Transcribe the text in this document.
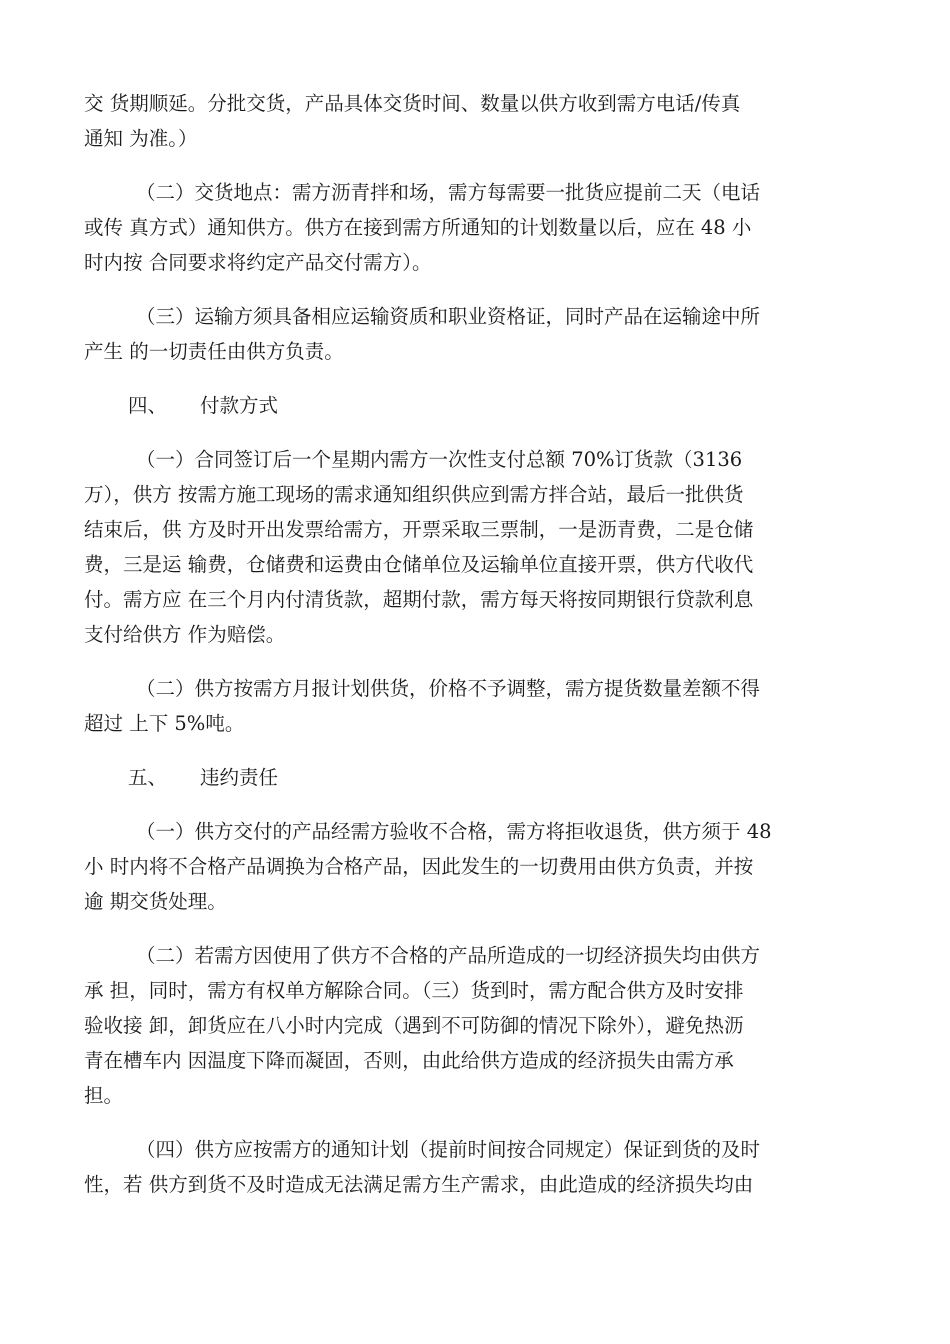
交 货期顺延。分批交货，产品具体交货时间、数量以供方收到需方电话/传真
通知 为准。）
（二）交货地点：需方沥青拌和场，需方每需要一批货应提前二天（电话
或传 真方式）通知供方。供方在接到需方所通知的计划数量以后，应在 48 小
时内按 合同要求将约定产品交付需方）。
（三）运输方须具备相应运输资质和职业资格证，同时产品在运输途中所
产生 的一切责任由供方负责。
四、 付款方式
（一）合同签订后一个星期内需方一次性支付总额 70%订货款（3136
万），供方 按需方施工现场的需求通知组织供应到需方拌合站，最后一批供货
结束后，供 方及时开出发票给需方，开票采取三票制，一是沥青费，二是仓储
费，三是运 输费，仓储费和运费由仓储单位及运输单位直接开票，供方代收代
付。需方应 在三个月内付清货款，超期付款，需方每天将按同期银行贷款利息
支付给供方 作为赔偿。
（二）供方按需方月报计划供货，价格不予调整，需方提货数量差额不得
超过 上下 5%吨。
五、 违约责任
（一）供方交付的产品经需方验收不合格，需方将拒收退货，供方须于 48
小 时内将不合格产品调换为合格产品，因此发生的一切费用由供方负责，并按
逾 期交货处理。
（二）若需方因使用了供方不合格的产品所造成的一切经济损失均由供方
承 担，同时，需方有权单方解除合同。（三）货到时，需方配合供方及时安排
验收接 卸，卸货应在八小时内完成（遇到不可防御的情况下除外），避免热沥
青在槽车内 因温度下降而凝固，否则，由此给供方造成的经济损失由需方承
担。
（四）供方应按需方的通知计划（提前时间按合同规定）保证到货的及时
性，若 供方到货不及时造成无法满足需方生产需求，由此造成的经济损失均由
